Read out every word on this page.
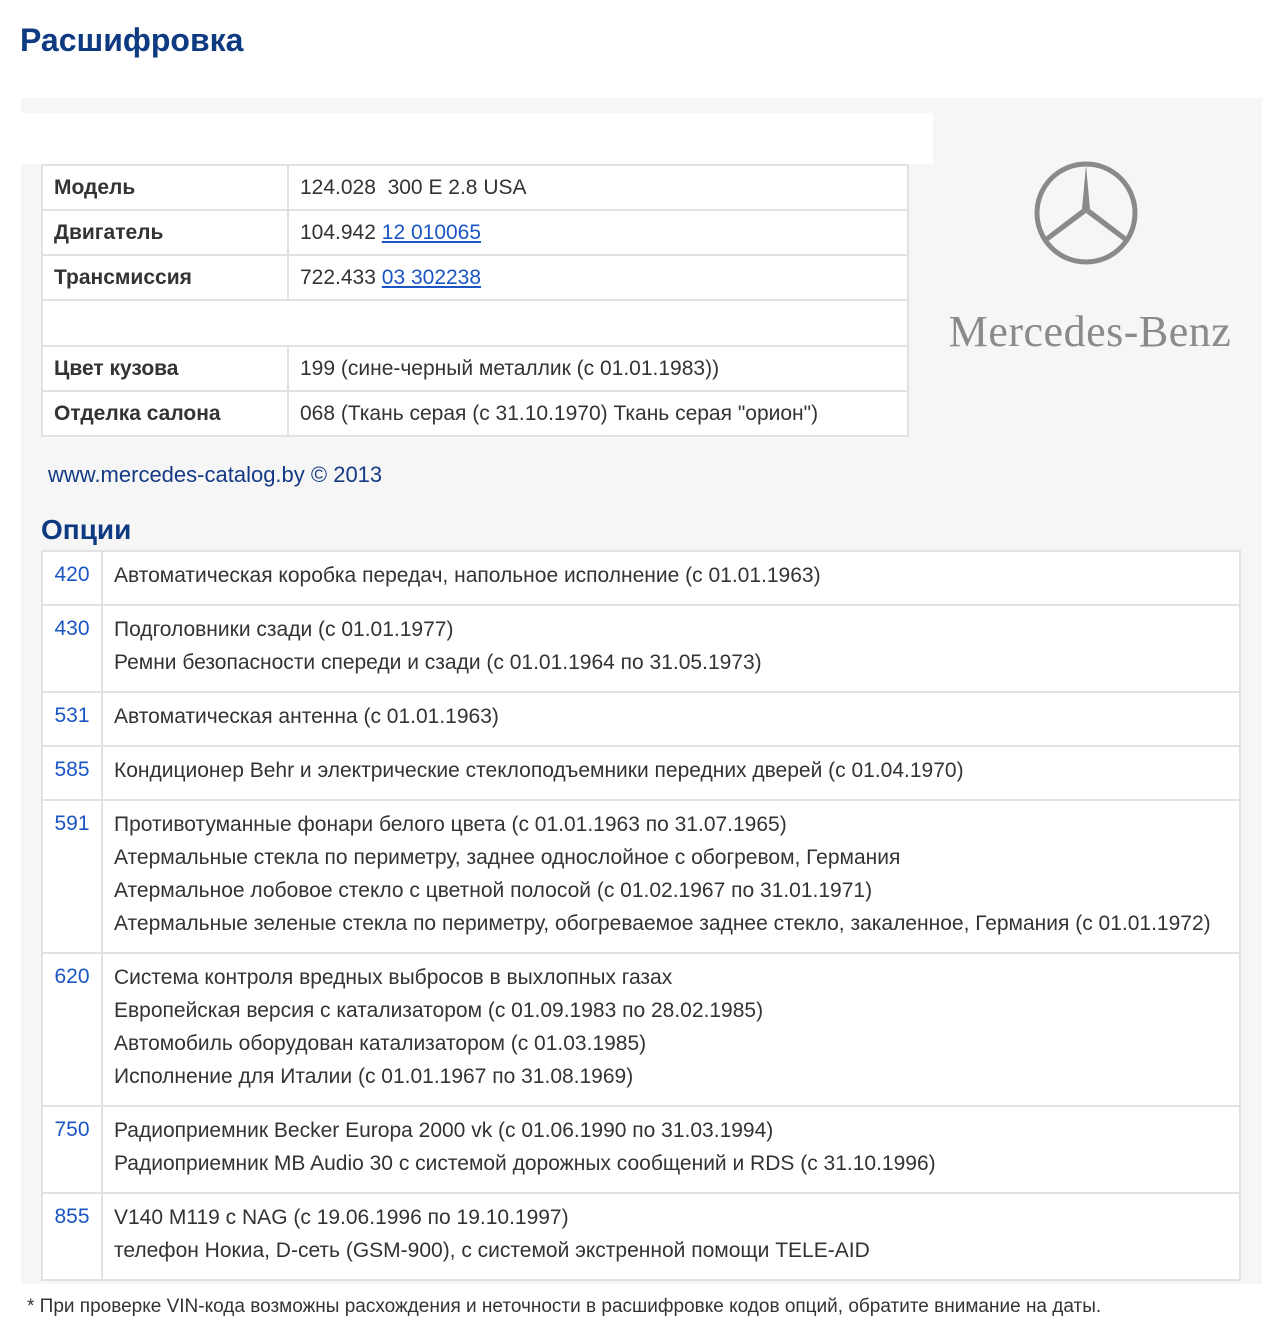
Расшифровка
Модель	124.028  300 E 2.8 USA
Двигатель	104.942 12 010065
Трансмиссия	722.433 03 302238

Цвет кузова	199 (сине-черный металлик (с 01.01.1983))
Отделка салона	068 (Ткань серая (с 31.10.1970) Ткань серая "орион")
Mercedes-Benz
www.mercedes-catalog.by © 2013
Опции
420	Автоматическая коробка передач, напольное исполнение (с 01.01.1963)

430	Подголовники сзади (с 01.01.1977)
Ремни безопасности спереди и сзади (с 01.01.1964 по 31.05.1973)

531	Автоматическая антенна (с 01.01.1963)

585	Кондиционер Behr и электрические стеклоподъемники передних дверей (с 01.04.1970)

591	Противотуманные фонари белого цвета (с 01.01.1963 по 31.07.1965)
Атермальные стекла по периметру, заднее однослойное с обогревом, Германия
Атермальное лобовое стекло с цветной полосой (с 01.02.1967 по 31.01.1971)
Атермальные зеленые стекла по периметру, обогреваемое заднее стекло, закаленное, Германия (с 01.01.1972)

620	Система контроля вредных выбросов в выхлопных газах
Европейская версия с катализатором (с 01.09.1983 по 28.02.1985)
Автомобиль оборудован катализатором (с 01.03.1985)
Исполнение для Италии (с 01.01.1967 по 31.08.1969)

750	Радиоприемник Becker Europa 2000 vk (с 01.06.1990 по 31.03.1994)
Радиоприемник MB Audio 30 с системой дорожных сообщений и RDS (с 31.10.1996)

855	V140 M119 с NAG (с 19.06.1996 по 19.10.1997)
телефон Нокиа, D-сеть (GSM-900), с системой экстренной помощи TELE-AID
* При проверке VIN-кода возможны расхождения и неточности в расшифровке кодов опций, обратите внимание на даты.
